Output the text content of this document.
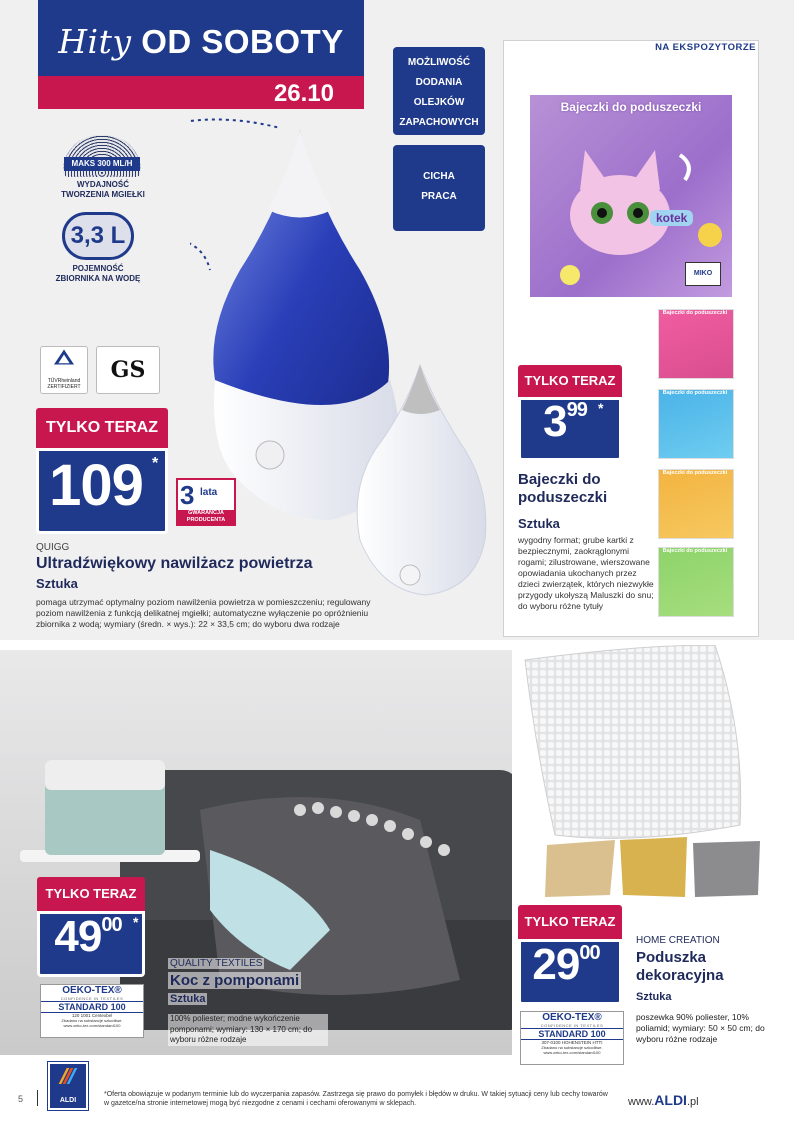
Hity OD SOBOTY
26.10
MOŻLIWOŚĆ
DODANIA
OLEJKÓW
ZAPACHOWYCH
CICHA
PRACA
MAKS 300 ML/H
WYDAJNOŚĆ
TWORZENIA MGIEŁKI
3,3 L
POJEMNOŚĆ
ZBIORNIKA NA WODĘ
TÜVRheinland
ZERTIFIZIERT
GS
TYLKO TERAZ
109 *
3 lata
GWARANCJA
PRODUCENTA
QUIGG
Ultradźwiękowy nawilżacz powietrza
Sztuka
pomaga utrzymać optymalny poziom nawilżenia powietrza w pomieszczeniu; regulowany poziom nawilżenia z funkcją delikatnej mgiełki; automatyczne wyłączenie po opróżnieniu zbiornika z wodą; wymiary (średn. × wys.): 22 × 33,5 cm; do wyboru dwa rodzaje
NA EKSPOZYTORZE
Bajeczki do poduszeczki
kotek
MIKO
Bajeczki do poduszeczki
Bajeczki do poduszeczki
Bajeczki do poduszeczki
Bajeczki do poduszeczki
TYLKO TERAZ
$3^{99}$ *
Bajeczki do poduszeczki
Sztuka
wygodny format; grube kartki z bezpiecznymi, zaokrąglonymi rogami; zilustrowane, wierszowane opowiadania ukochanych przez dzieci zwierzątek, których niezwykłe przygody ukołyszą Maluszki do snu; do wyboru różne tytuły
TYLKO TERAZ
$49^{00}$ *
OEKO-TEX®
CONFIDENCE IN TEXTILES
STANDARD 100
120 1001 Centexbel
Zbadano na substancje szkodliwe.
www.oeko-tex.com/standard100
QUALITY TEXTILES
Koc z pomponami
Sztuka
100% poliester; modne wykończenie pomponami; wymiary: 130 × 170 cm; do wyboru różne rodzaje
TYLKO TERAZ
$29^{00}$ *
OEKO-TEX®
CONFIDENCE IN TEXTILES
STANDARD 100
307-0100 HOHENSTEIN HTTI
Zbadano na substancje szkodliwe.
www.oeko-tex.com/standard100
HOME CREATION
Poduszka dekoracyjna
Sztuka
poszewka 90% poliester, 10% poliamid; wymiary: 50 × 50 cm; do wyboru różne rodzaje
5	ALDI
*Oferta obowiązuje w podanym terminie lub do wyczerpania zapasów. Zastrzega się prawo do pomyłek i błędów w druku. W takiej sytuacji ceny lub cechy towarów w gazetce/na stronie internetowej mogą być niezgodne z cenami i cechami oferowanymi w sklepach.	www.ALDI.pl
